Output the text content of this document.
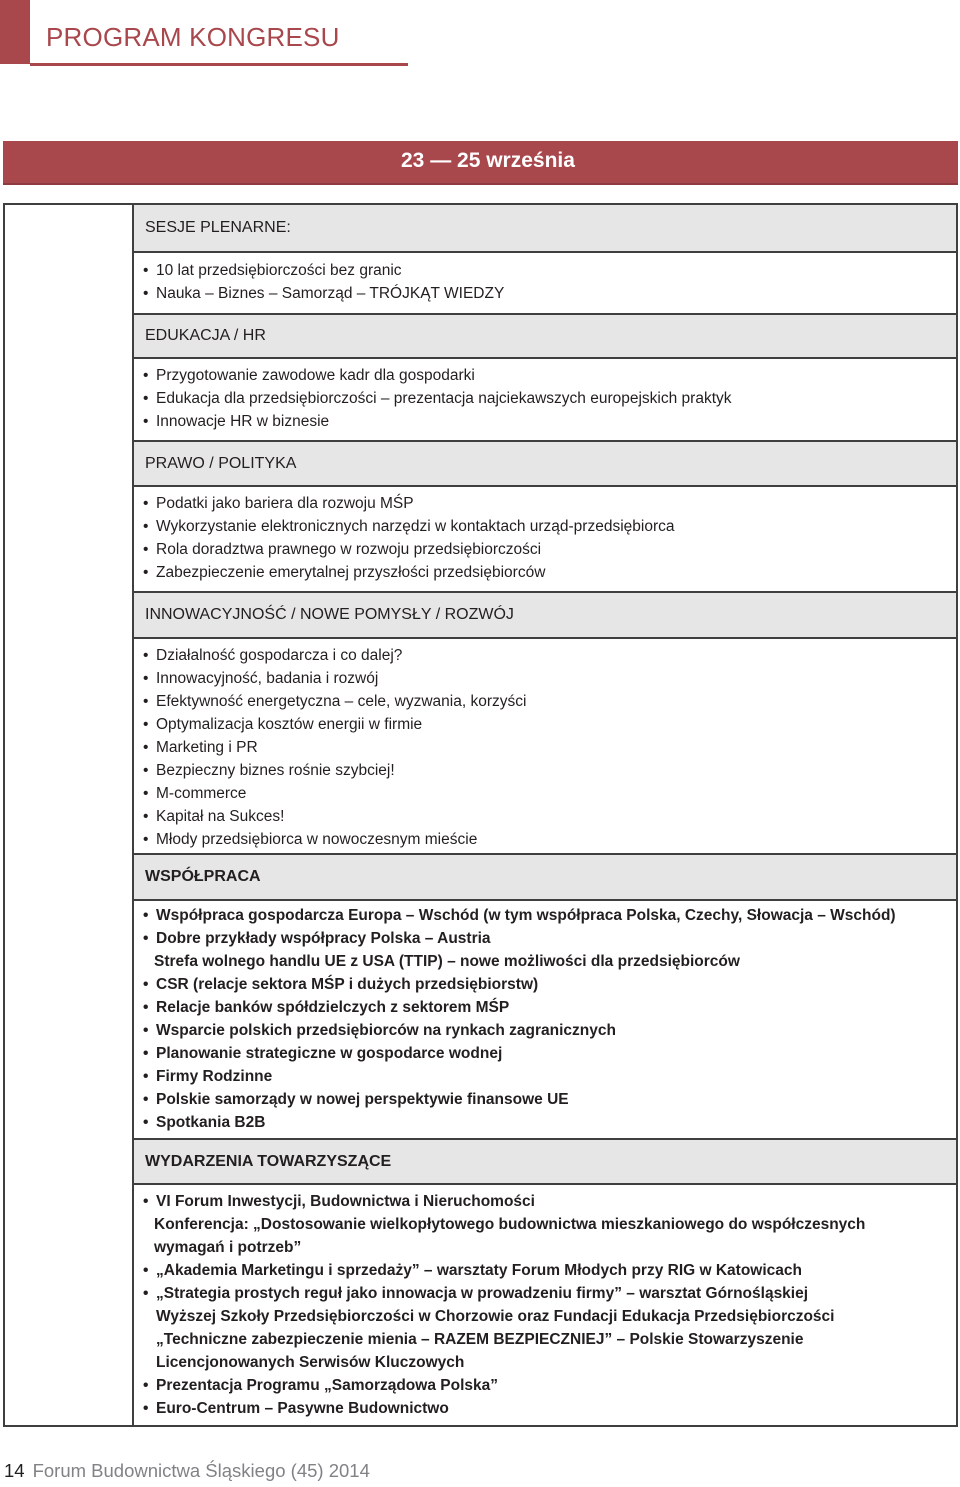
PROGRAM KONGRESU
23 — 25 września
SESJE PLENARNE:
• 10 lat przedsiębiorczości bez granic
• Nauka – Biznes – Samorząd – TRÓJKĄT WIEDZY
EDUKACJA / HR
• Przygotowanie zawodowe kadr dla gospodarki
• Edukacja dla przedsiębiorczości – prezentacja najciekawszych europejskich praktyk
• Innowacje HR w biznesie
PRAWO / POLITYKA
• Podatki jako bariera dla rozwoju MŚP
• Wykorzystanie elektronicznych narzędzi w kontaktach urząd-przedsiębiorca
• Rola doradztwa prawnego w rozwoju przedsiębiorczości
• Zabezpieczenie emerytalnej przyszłości przedsiębiorców
INNOWACYJNOŚĆ / NOWE POMYSŁY / ROZWÓJ
• Działalność gospodarcza i co dalej?
• Innowacyjność, badania i rozwój
• Efektywność energetyczna – cele, wyzwania, korzyści
• Optymalizacja kosztów energii w firmie
• Marketing i PR
• Bezpieczny biznes rośnie szybciej!
• M-commerce
• Kapitał na Sukces!
• Młody przedsiębiorca w nowoczesnym mieście
WSPÓŁPRACA
• Współpraca gospodarcza Europa – Wschód (w tym współpraca Polska, Czechy, Słowacja – Wschód)
• Dobre przykłady współpracy Polska – Austria
Strefa wolnego handlu UE z USA (TTIP) – nowe możliwości dla przedsiębiorców
• CSR (relacje sektora MŚP i dużych przedsiębiorstw)
• Relacje banków spółdzielczych z sektorem MŚP
• Wsparcie polskich przedsiębiorców na rynkach zagranicznych
• Planowanie strategiczne w gospodarce wodnej
• Firmy Rodzinne
• Polskie samorządy w nowej perspektywie finansowe UE
• Spotkania B2B
WYDARZENIA TOWARZYSZĄCE
• VI Forum Inwestycji, Budownictwa i Nieruchomości
Konferencja: „Dostosowanie wielkopłytowego budownictwa mieszkaniowego do współczesnych
wymagań i potrzeb”
• „Akademia Marketingu i sprzedaży” – warsztaty Forum Młodych przy RIG w Katowicach
• „Strategia prostych reguł jako innowacja w prowadzeniu firmy” – warsztat Górnośląskiej
Wyższej Szkoły Przedsiębiorczości w Chorzowie oraz Fundacji Edukacja Przedsiębiorczości
„Techniczne zabezpieczenie mienia – RAZEM BEZPIECZNIEJ” – Polskie Stowarzyszenie
Licencjonowanych Serwisów Kluczowych
• Prezentacja Programu „Samorządowa Polska”
• Euro-Centrum – Pasywne Budownictwo
14 Forum Budownictwa Śląskiego (45) 2014
